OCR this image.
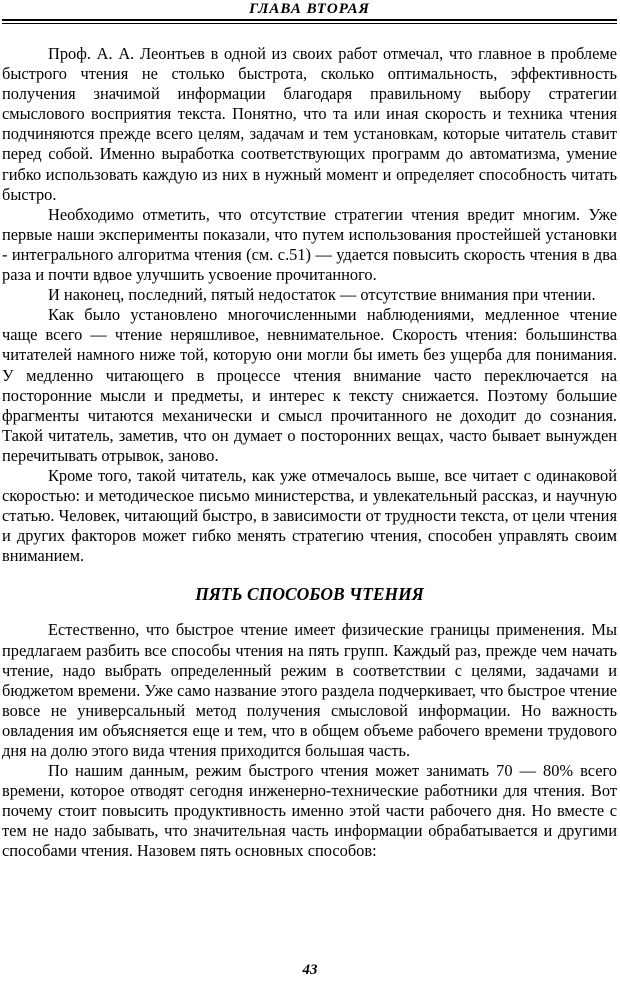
ГЛАВА ВТОРАЯ

Проф. А. А. Леонтьев в одной из своих работ отмечал, что главное в проблеме быстрого чтения не столько быстрота, сколько оптимальность, эффективность получения значимой информации благодаря правильному выбору стратегии смыслового восприятия текста. Понятно, что та или иная скорость и техника чтения подчиняются прежде всего целям, задачам и тем установкам, которые читатель ставит перед собой. Именно выработка соответствующих программ до автоматизма, умение гибко использовать каждую из них в нужный момент и определяет способность читать быстро.

Необходимо отметить, что отсутствие стратегии чтения вредит многим. Уже первые наши эксперименты показали, что путем использования простейшей установки - интегрального алгоритма чтения (см. с.51) — удается повысить скорость чтения в два раза и почти вдвое улучшить усвоение прочитанного.

И наконец, последний, пятый недостаток — отсутствие внимания при чтении.

Как было установлено многочисленными наблюдениями, медленное чтение чаще всего — чтение неряшливое, невнимательное. Скорость чтения: большинства читателей намного ниже той, которую они могли бы иметь без ущерба для понимания. У медленно читающего в процессе чтения внимание часто переключается на посторонние мысли и предметы, и интерес к тексту снижается. Поэтому большие фрагменты читаются механически и смысл прочитанного не доходит до сознания. Такой читатель, заметив, что он думает о посторонних вещах, часто бывает вынужден перечитывать отрывок, заново.

Кроме того, такой читатель, как уже отмечалось выше, все читает с одинаковой скоростью: и методическое письмо министерства, и увлекательный рассказ, и научную статью. Человек, читающий быстро, в зависимости от трудности текста, от цели чтения и других факторов может гибко менять стратегию чтения, способен управлять своим вниманием.

ПЯТЬ СПОСОБОВ ЧТЕНИЯ

Естественно, что быстрое чтение имеет физические границы применения. Мы предлагаем разбить все способы чтения на пять групп. Каждый раз, прежде чем начать чтение, надо выбрать определенный режим в соответствии с целями, задачами и бюджетом времени. Уже само название этого раздела подчеркивает, что быстрое чтение вовсе не универсальный метод получения смысловой информации. Но важность овладения им объясняется еще и тем, что в общем объеме рабочего времени трудового дня на долю этого вида чтения приходится большая часть.

По нашим данным, режим быстрого чтения может занимать 70 — 80% всего времени, которое отводят сегодня инженерно-технические работники для чтения. Вот почему стоит повысить продуктивность именно этой части рабочего дня. Но вместе с тем не надо забывать, что значительная часть информации обрабатывается и другими способами чтения. Назовем пять основных способов:

43
